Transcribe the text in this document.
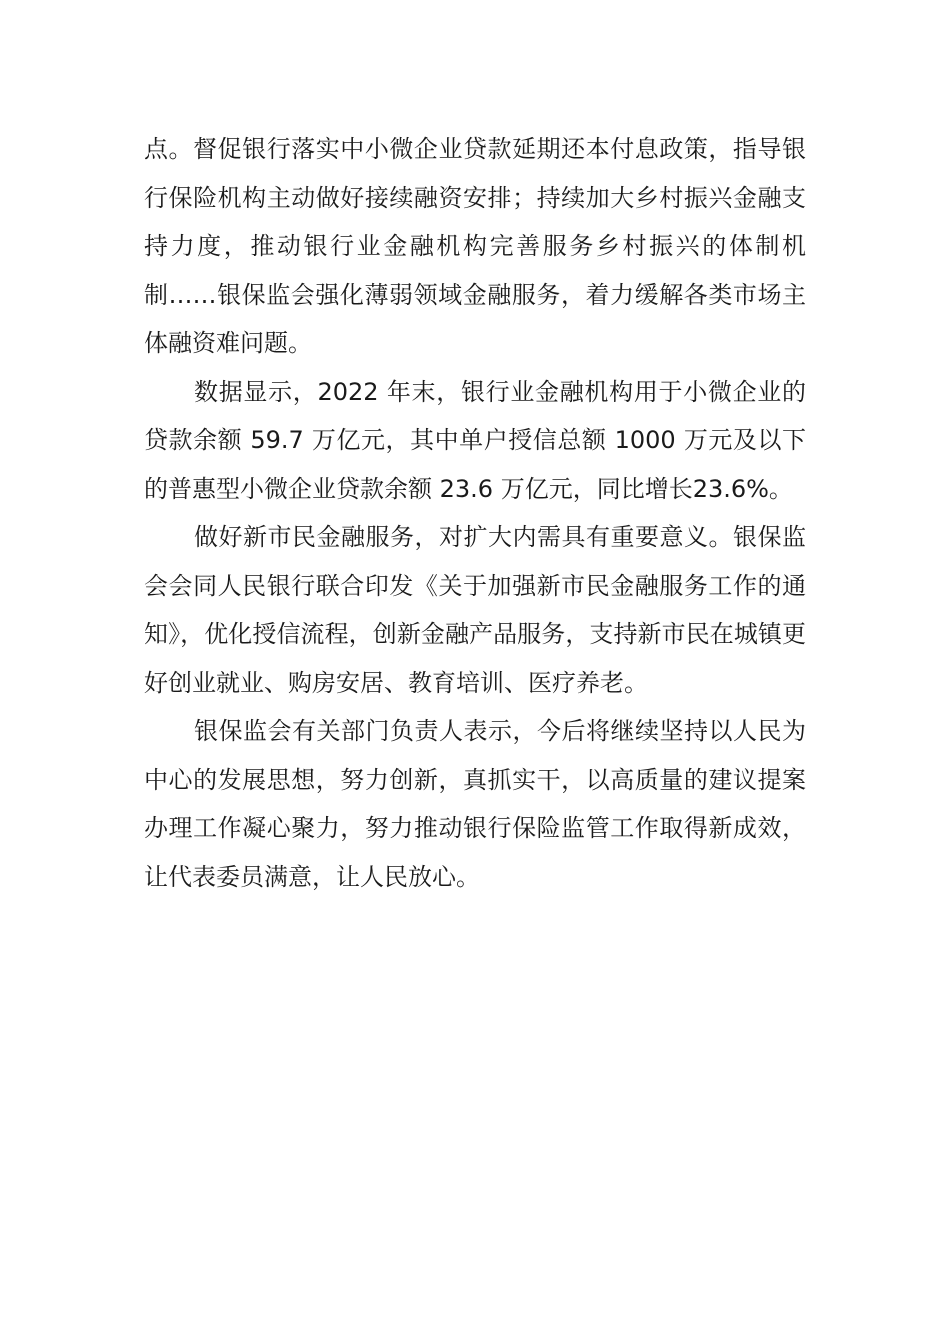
点。督促银行落实中小微企业贷款延期还本付息政策，指导银行保险机构主动做好接续融资安排；持续加大乡村振兴金融支持力度，推动银行业金融机构完善服务乡村振兴的体制机制……银保监会强化薄弱领域金融服务，着力缓解各类市场主体融资难问题。

数据显示，2022 年末，银行业金融机构用于小微企业的贷款余额 59.7 万亿元，其中单户授信总额 1000 万元及以下的普惠型小微企业贷款余额 23.6 万亿元，同比增长23.6%。

做好新市民金融服务，对扩大内需具有重要意义。银保监会会同人民银行联合印发《关于加强新市民金融服务工作的通知》，优化授信流程，创新金融产品服务，支持新市民在城镇更好创业就业、购房安居、教育培训、医疗养老。

银保监会有关部门负责人表示，今后将继续坚持以人民为中心的发展思想，努力创新，真抓实干，以高质量的建议提案办理工作凝心聚力，努力推动银行保险监管工作取得新成效，让代表委员满意，让人民放心。
